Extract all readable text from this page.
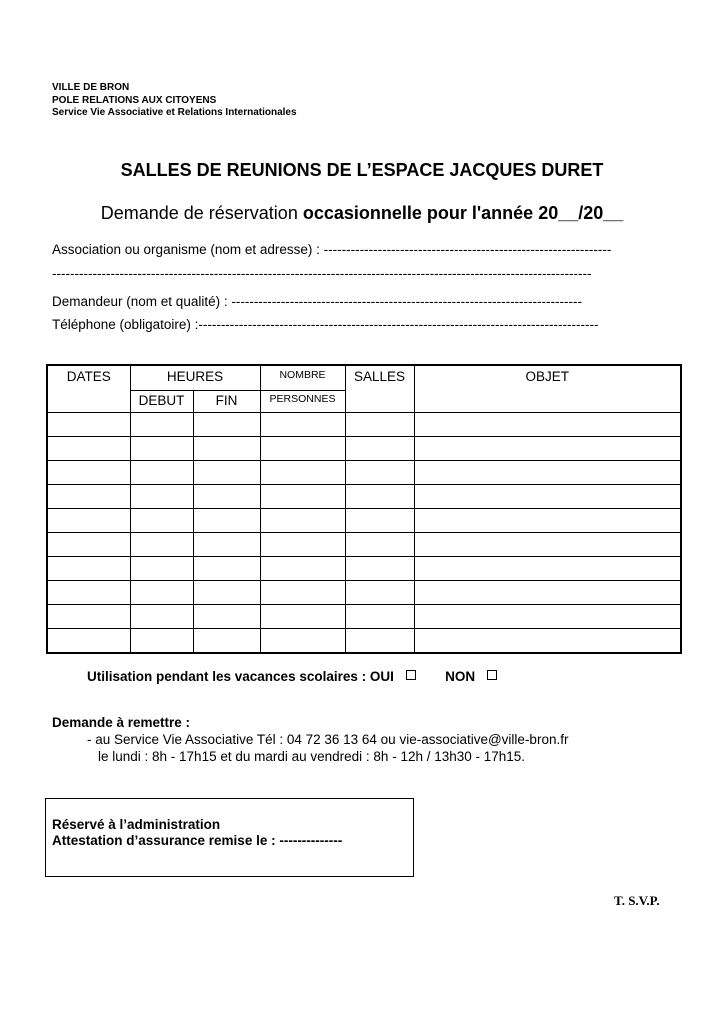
VILLE DE BRON
POLE RELATIONS AUX CITOYENS
Service Vie Associative et Relations Internationales
SALLES DE REUNIONS DE L’ESPACE JACQUES DURET
Demande de réservation occasionnelle pour l'année 20__/20__
Association ou organisme (nom et adresse) : ----------------------------------------------------------------
------------------------------------------------------------------------------------------------------------------------
Demandeur (nom et qualité) : ------------------------------------------------------------------------------
Téléphone (obligatoire) :-----------------------------------------------------------------------------------------
DATES	HEURES		NOMBRE	SALLES	OBJET
	DEBUT	FIN	PERSONNES		

Utilisation pendant les vacances scolaires : OUI	NON
Demande à remettre :
- au Service Vie Associative Tél : 04 72 36 13 64 ou vie-associative@ville-bron.fr
le lundi : 8h - 17h15 et du mardi au vendredi : 8h - 12h / 13h30 - 17h15.
Réservé à l’administration
Attestation d’assurance remise le : --------------
T. S.V.P.
